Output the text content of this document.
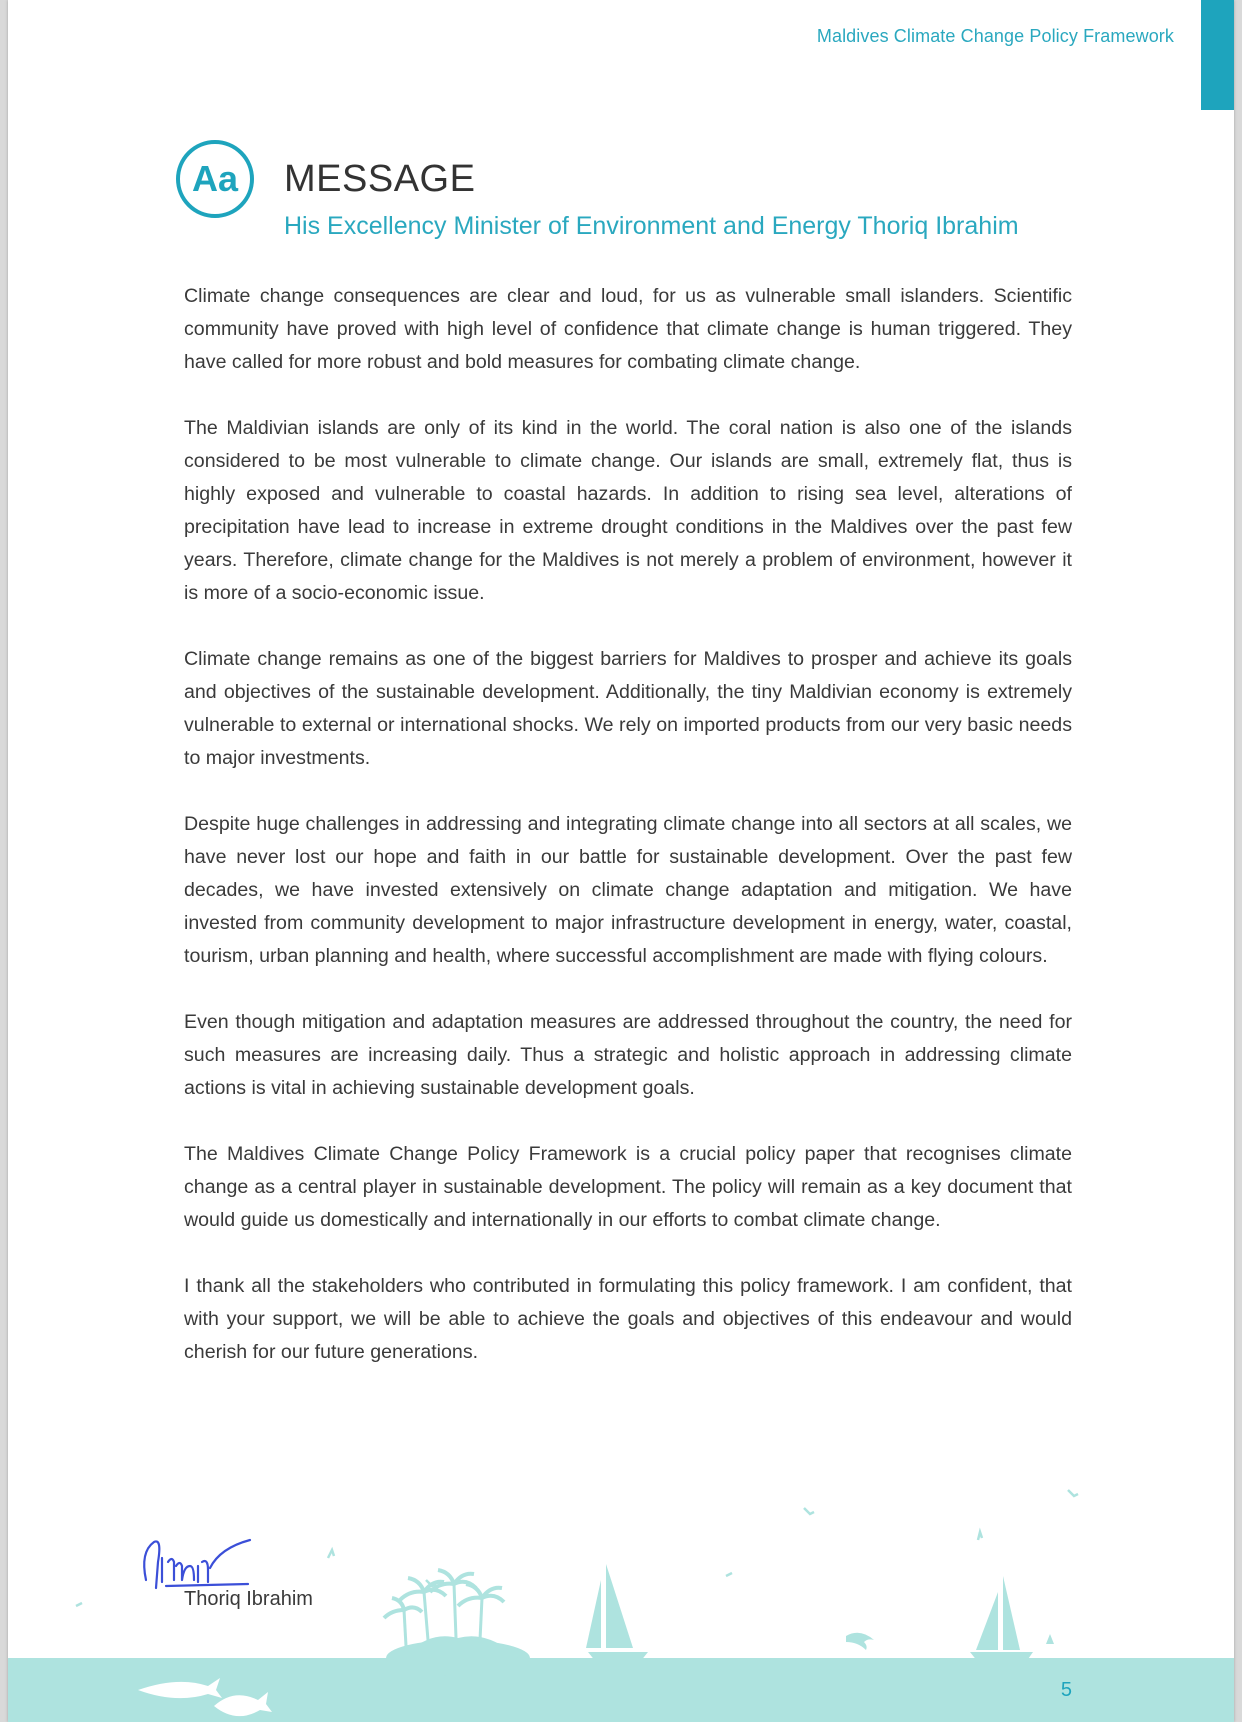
Maldives Climate Change Policy Framework
Aa	MESSAGE
His Excellency Minister of Environment and Energy Thoriq Ibrahim

Climate change consequences are clear and loud, for us as vulnerable small islanders. Scientific community have proved with high level of confidence that climate change is human triggered. They have called for more robust and bold measures for combating climate change.

The Maldivian islands are only of its kind in the world. The coral nation is also one of the islands considered to be most vulnerable to climate change. Our islands are small, extremely flat, thus is highly exposed and vulnerable to coastal hazards. In addition to rising sea level, alterations of precipitation have lead to increase in extreme drought conditions in the Maldives over the past few years. Therefore, climate change for the Maldives is not merely a problem of environment, however it is more of a socio-economic issue.

Climate change remains as one of the biggest barriers for Maldives to prosper and achieve its goals and objectives of the sustainable development. Additionally, the tiny Maldivian economy is extremely vulnerable to external or international shocks. We rely on imported products from our very basic needs to major investments.

Despite huge challenges in addressing and integrating climate change into all sectors at all scales, we have never lost our hope and faith in our battle for sustainable development. Over the past few decades, we have invested extensively on climate change adaptation and mitigation. We have invested from community development to major infrastructure development in energy, water, coastal, tourism, urban planning and health, where successful accomplishment are made with flying colours.

Even though mitigation and adaptation measures are addressed throughout the country, the need for such measures are increasing daily. Thus a strategic and holistic approach in addressing climate actions is vital in achieving sustainable development goals.

The Maldives Climate Change Policy Framework is a crucial policy paper that recognises climate change as a central player in sustainable development. The policy will remain as a key document that would guide us domestically and internationally in our efforts to combat climate change.

I thank all the stakeholders who contributed in formulating this policy framework. I am confident, that with your support, we will be able to achieve the goals and objectives of this endeavour and would cherish for our future generations.

Thoriq Ibrahim
5
